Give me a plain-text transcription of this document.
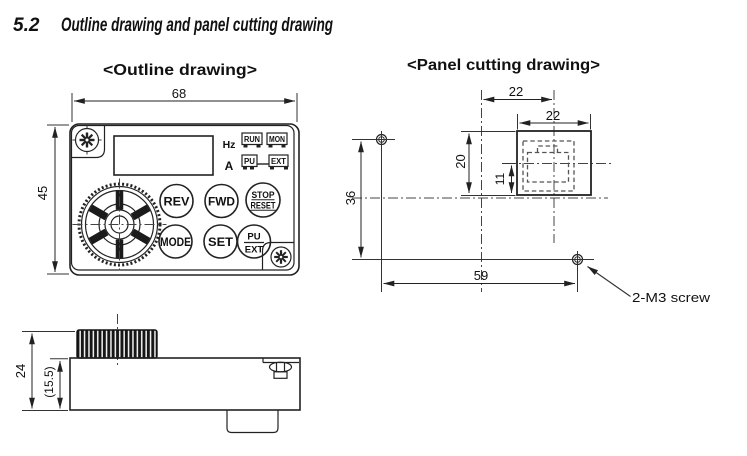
5.2 Outline drawing and panel cutting drawing
<Outline drawing>	<Panel cutting drawing>
68
45
Hz
A
RUN MON
PU EXT
REV FWD STOP
RESET
MODE SET PU
EXT
24 (15.5)
36
22
22
20
11
59
2-M3 screw
